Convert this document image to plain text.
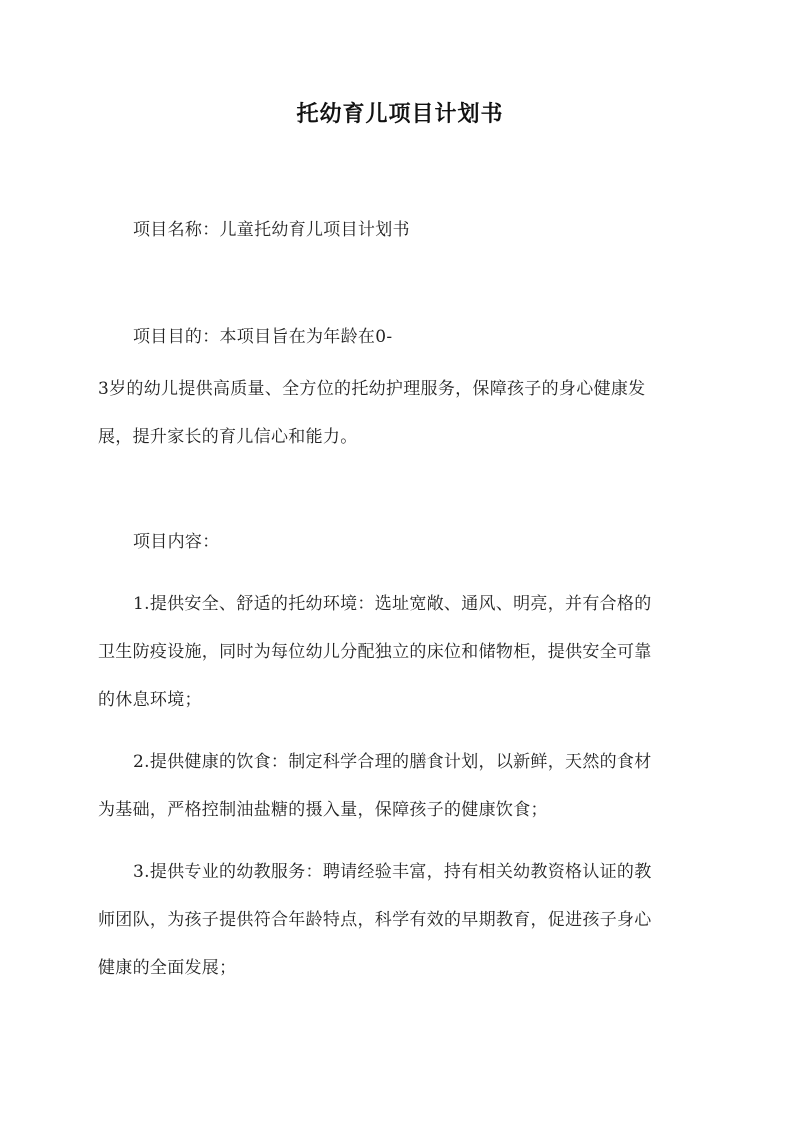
托幼育儿项目计划书
项目名称：儿童托幼育儿项目计划书
项目目的：本项目旨在为年龄在0-
3岁的幼儿提供高质量、全方位的托幼护理服务，保障孩子的身心健康发
展，提升家长的育儿信心和能力。
项目内容：
1.提供安全、舒适的托幼环境：选址宽敞、通风、明亮，并有合格的
卫生防疫设施，同时为每位幼儿分配独立的床位和储物柜，提供安全可靠
的休息环境；
2.提供健康的饮食：制定科学合理的膳食计划，以新鲜，天然的食材
为基础，严格控制油盐糖的摄入量，保障孩子的健康饮食；
3.提供专业的幼教服务：聘请经验丰富，持有相关幼教资格认证的教
师团队，为孩子提供符合年龄特点，科学有效的早期教育，促进孩子身心
健康的全面发展；
